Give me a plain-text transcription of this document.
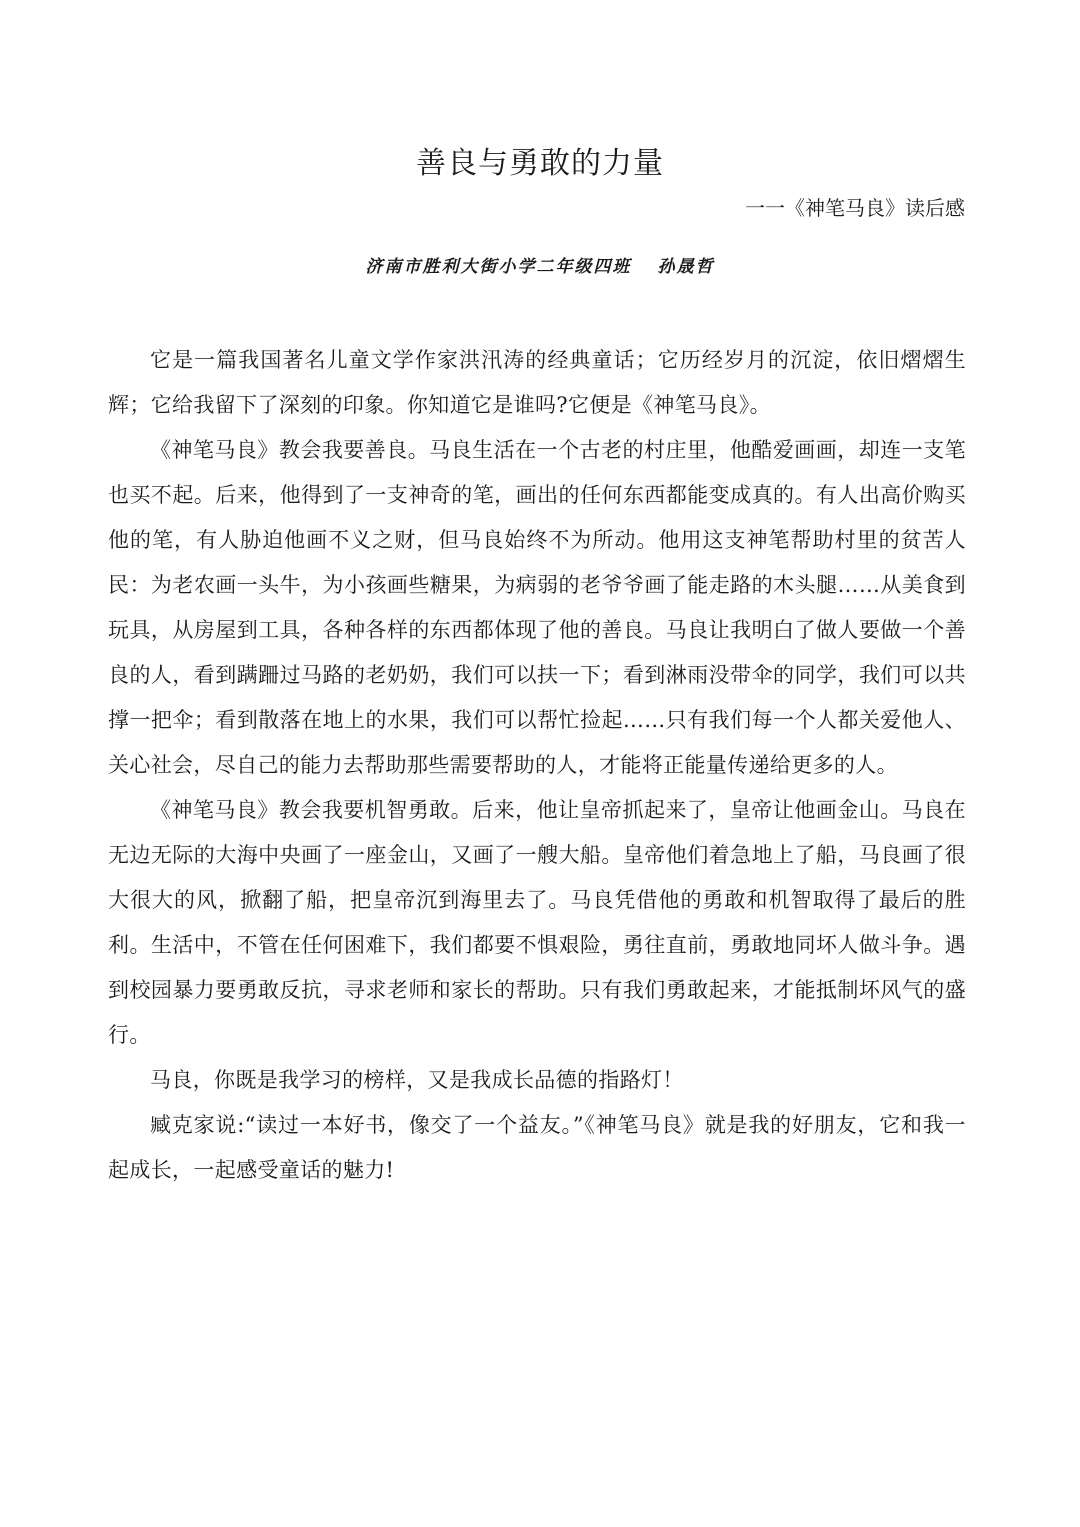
善良与勇敢的力量

一一《神笔马良》读后感

济南市胜利大街小学二年级四班 孙晟哲

它是一篇我国著名儿童文学作家洪汛涛的经典童话；它历经岁月的沉淀，依旧熠熠生辉；它给我留下了深刻的印象。你知道它是谁吗?它便是《神笔马良》。

《神笔马良》教会我要善良。马良生活在一个古老的村庄里，他酷爱画画，却连一支笔也买不起。后来，他得到了一支神奇的笔，画出的任何东西都能变成真的。有人出高价购买他的笔，有人胁迫他画不义之财，但马良始终不为所动。他用这支神笔帮助村里的贫苦人民：为老农画一头牛，为小孩画些糖果，为病弱的老爷爷画了能走路的木头腿……从美食到玩具，从房屋到工具，各种各样的东西都体现了他的善良。马良让我明白了做人要做一个善良的人，看到蹒跚过马路的老奶奶，我们可以扶一下；看到淋雨没带伞的同学，我们可以共撑一把伞；看到散落在地上的水果，我们可以帮忙捡起……只有我们每一个人都关爱他人、关心社会，尽自己的能力去帮助那些需要帮助的人，才能将正能量传递给更多的人。

《神笔马良》教会我要机智勇敢。后来，他让皇帝抓起来了，皇帝让他画金山。马良在无边无际的大海中央画了一座金山，又画了一艘大船。皇帝他们着急地上了船，马良画了很大很大的风，掀翻了船，把皇帝沉到海里去了。马良凭借他的勇敢和机智取得了最后的胜利。生活中，不管在任何困难下，我们都要不惧艰险，勇往直前，勇敢地同坏人做斗争。遇到校园暴力要勇敢反抗，寻求老师和家长的帮助。只有我们勇敢起来，才能抵制坏风气的盛行。

马良，你既是我学习的榜样，又是我成长品德的指路灯！

臧克家说:“读过一本好书，像交了一个益友。”《神笔马良》就是我的好朋友，它和我一起成长，一起感受童话的魅力!
